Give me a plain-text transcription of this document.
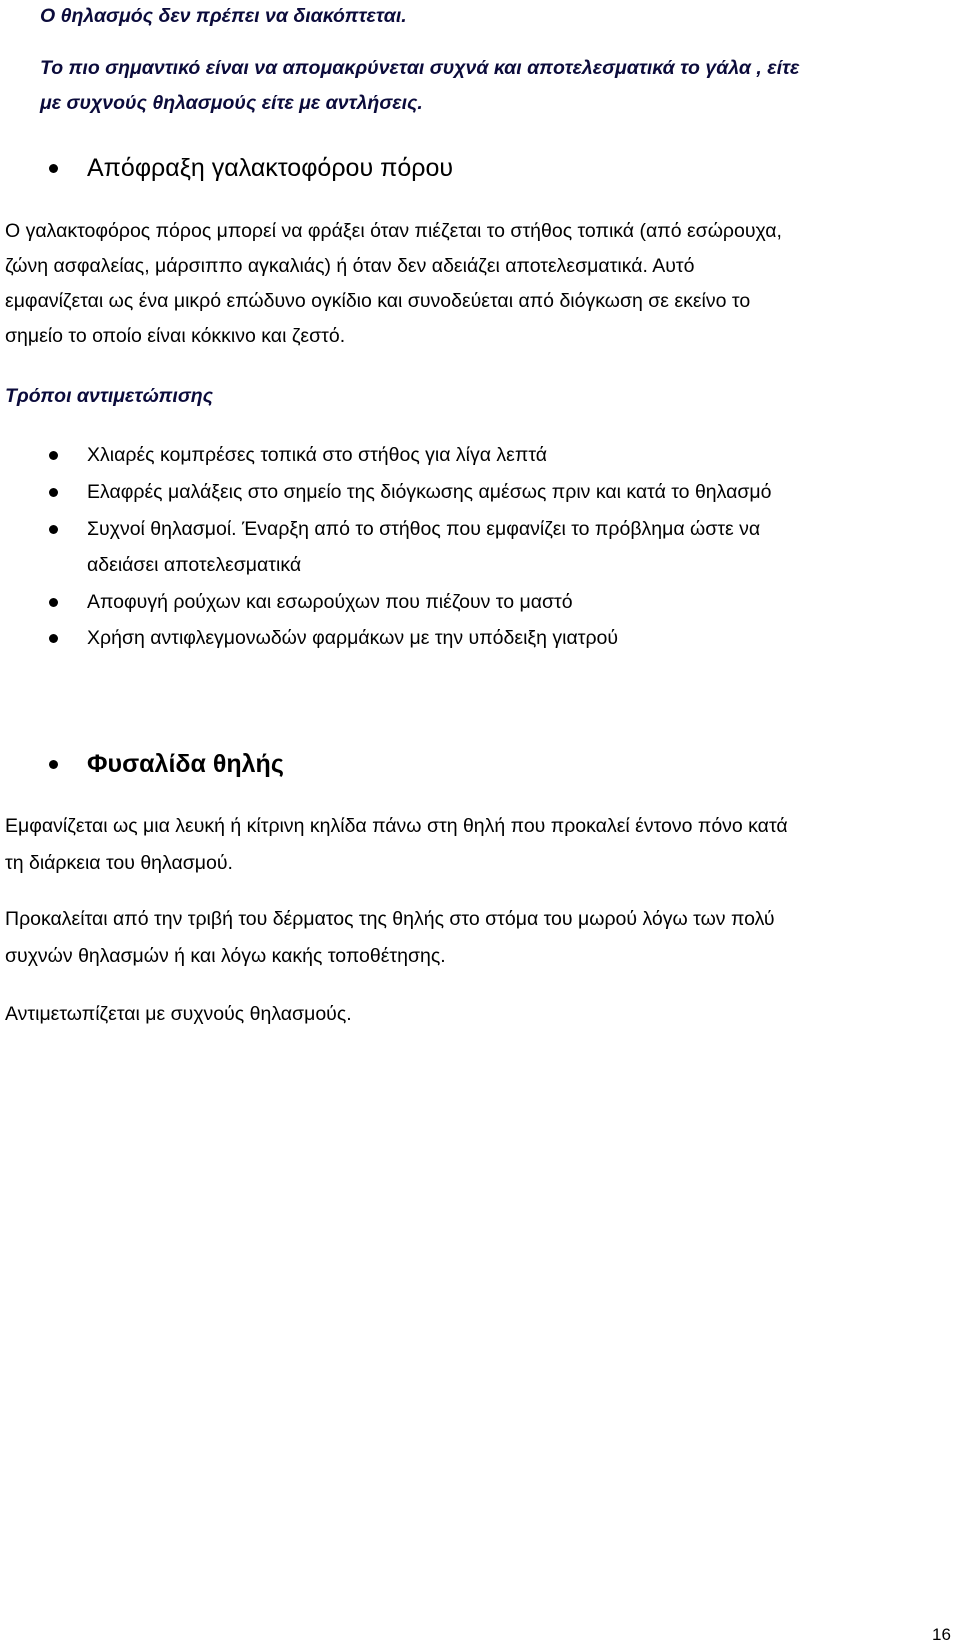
Ο θηλασμός δεν πρέπει να διακόπτεται.
Το πιο σημαντικό είναι να απομακρύνεται συχνά και αποτελεσματικά το γάλα , είτε
με συχνούς θηλασμούς είτε με αντλήσεις.
Απόφραξη γαλακτοφόρου πόρου
Ο γαλακτοφόρος πόρος μπορεί να φράξει όταν πιέζεται το στήθος τοπικά (από εσώρουχα,
ζώνη ασφαλείας, μάρσιππο αγκαλιάς) ή όταν δεν αδειάζει αποτελεσματικά. Αυτό
εμφανίζεται ως ένα μικρό επώδυνο ογκίδιο και συνοδεύεται από διόγκωση σε εκείνο το
σημείο το οποίο είναι κόκκινο και ζεστό.
Τρόποι αντιμετώπισης
Χλιαρές κομπρέσες τοπικά στο στήθος για λίγα λεπτά
Ελαφρές μαλάξεις στο σημείο της διόγκωσης αμέσως πριν και κατά το θηλασμό
Συχνοί θηλασμοί. Έναρξη από το στήθος που εμφανίζει το πρόβλημα ώστε να
αδειάσει αποτελεσματικά
Αποφυγή ρούχων και εσωρούχων που πιέζουν το μαστό
Χρήση αντιφλεγμονωδών φαρμάκων με την υπόδειξη γιατρού
Φυσαλίδα θηλής
Εμφανίζεται ως μια λευκή ή κίτρινη κηλίδα πάνω στη θηλή που προκαλεί έντονο πόνο κατά
τη διάρκεια του θηλασμού.
Προκαλείται από την τριβή του δέρματος της θηλής στο στόμα του μωρού λόγω των πολύ
συχνών θηλασμών ή και λόγω κακής τοποθέτησης.
Αντιμετωπίζεται με συχνούς θηλασμούς.
16
